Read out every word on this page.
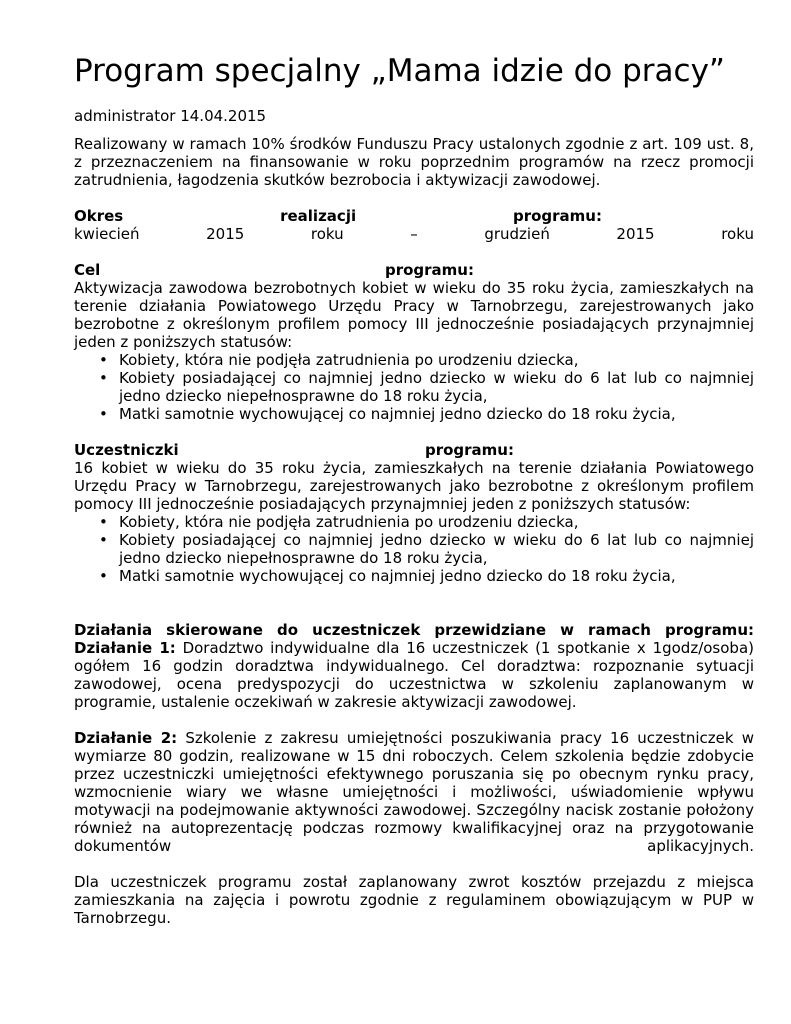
Program specjalny „Mama idzie do pracy”
administrator 14.04.2015
Realizowany w ramach 10% środków Funduszu Pracy ustalonych zgodnie z art. 109 ust. 8, z przeznaczeniem na finansowanie w roku poprzednim programów na rzecz promocji zatrudnienia, łagodzenia skutków bezrobocia i aktywizacji zawodowej.
Okres	realizacji	programu:
kwiecień	2015	roku	–	grudzień	2015	roku
Cel	programu:
Aktywizacja zawodowa bezrobotnych kobiet w wieku do 35 roku życia, zamieszkałych na terenie działania Powiatowego Urzędu Pracy w Tarnobrzegu, zarejestrowanych jako bezrobotne z określonym profilem pomocy III jednocześnie posiadających przynajmniej jeden z poniższych statusów:
• Kobiety, która nie podjęła zatrudnienia po urodzeniu dziecka,
• Kobiety posiadającej co najmniej jedno dziecko w wieku do 6 lat lub co najmniej jedno dziecko niepełnosprawne do 18 roku życia,
• Matki samotnie wychowującej co najmniej jedno dziecko do 18 roku życia,
Uczestniczki	programu:
16 kobiet w wieku do 35 roku życia, zamieszkałych na terenie działania Powiatowego Urzędu Pracy w Tarnobrzegu, zarejestrowanych jako bezrobotne z określonym profilem pomocy III jednocześnie posiadających przynajmniej jeden z poniższych statusów:
• Kobiety, która nie podjęła zatrudnienia po urodzeniu dziecka,
• Kobiety posiadającej co najmniej jedno dziecko w wieku do 6 lat lub co najmniej jedno dziecko niepełnosprawne do 18 roku życia,
• Matki samotnie wychowującej co najmniej jedno dziecko do 18 roku życia,
Działania skierowane do uczestniczek przewidziane w ramach programu:
Działanie 1: Doradztwo indywidualne dla 16 uczestniczek (1 spotkanie x 1godz/osoba) ogółem 16 godzin doradztwa indywidualnego. Cel doradztwa: rozpoznanie sytuacji zawodowej, ocena predyspozycji do uczestnictwa w szkoleniu zaplanowanym w programie, ustalenie oczekiwań w zakresie aktywizacji zawodowej.
Działanie 2: Szkolenie z zakresu umiejętności poszukiwania pracy 16 uczestniczek w wymiarze 80 godzin, realizowane w 15 dni roboczych. Celem szkolenia będzie zdobycie przez uczestniczki umiejętności efektywnego poruszania się po obecnym rynku pracy, wzmocnienie wiary we własne umiejętności i możliwości, uświadomienie wpływu motywacji na podejmowanie aktywności zawodowej. Szczególny nacisk zostanie położony również na autoprezentację podczas rozmowy kwalifikacyjnej oraz na przygotowanie dokumentów aplikacyjnych.
Dla uczestniczek programu został zaplanowany zwrot kosztów przejazdu z miejsca zamieszkania na zajęcia i powrotu zgodnie z regulaminem obowiązującym w PUP w Tarnobrzegu.
